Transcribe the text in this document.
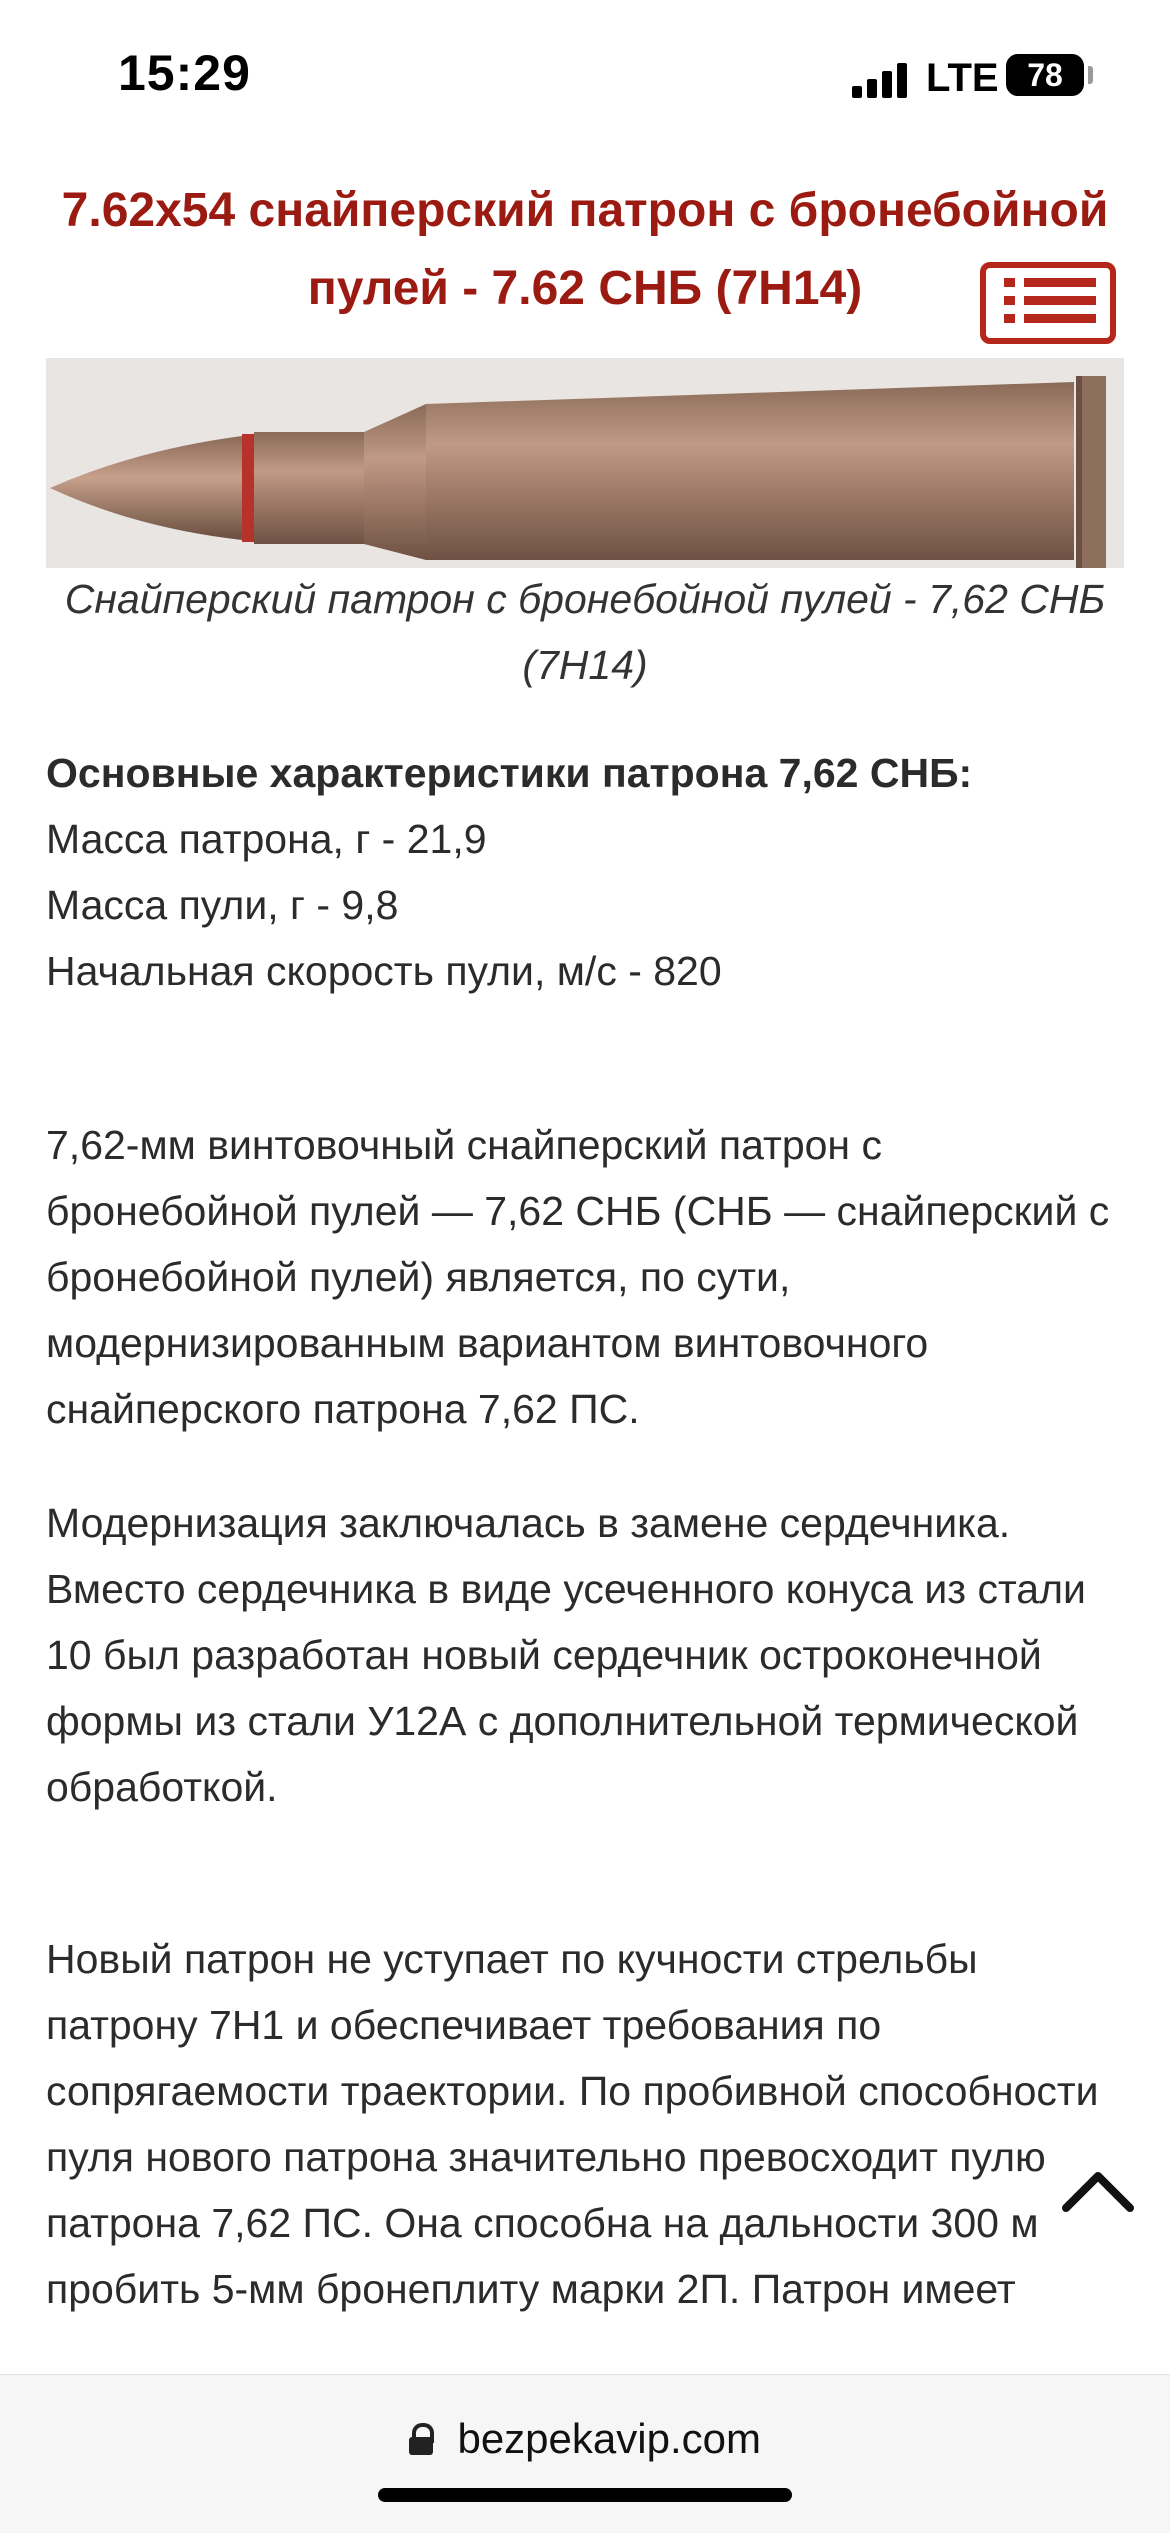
15:29	LTE 78
7.62x54 снайперский патрон с бронебойной пулей - 7.62 СНБ (7Н14)
Снайперский патрон с бронебойной пулей - 7,62 СНБ (7Н14)
Основные характеристики патрона 7,62 СНБ:
Масса патрона, г - 21,9
Масса пули, г - 9,8
Начальная скорость пули, м/с - 820

7,62-мм винтовочный снайперский патрон с бронебойной пулей — 7,62 СНБ (СНБ — снайперский с бронебойной пулей) является, по сути, модернизированным вариантом винтовочного снайперского патрона 7,62 ПС.

Модернизация заключалась в замене сердечника. Вместо сердечника в виде усеченного конуса из стали 10 был разработан новый сердечник остроконечной формы из стали У12А с дополнительной термической обработкой.

Новый патрон не уступает по кучности стрельбы патрону 7Н1 и обеспечивает требования по сопрягаемости траектории. По пробивной способности пуля нового патрона значительно превосходит пулю патрона 7,62 ПС. Она способна на дальности 300 м пробить 5-мм бронеплиту марки 2П. Патрон имеет

bezpekavip.com
